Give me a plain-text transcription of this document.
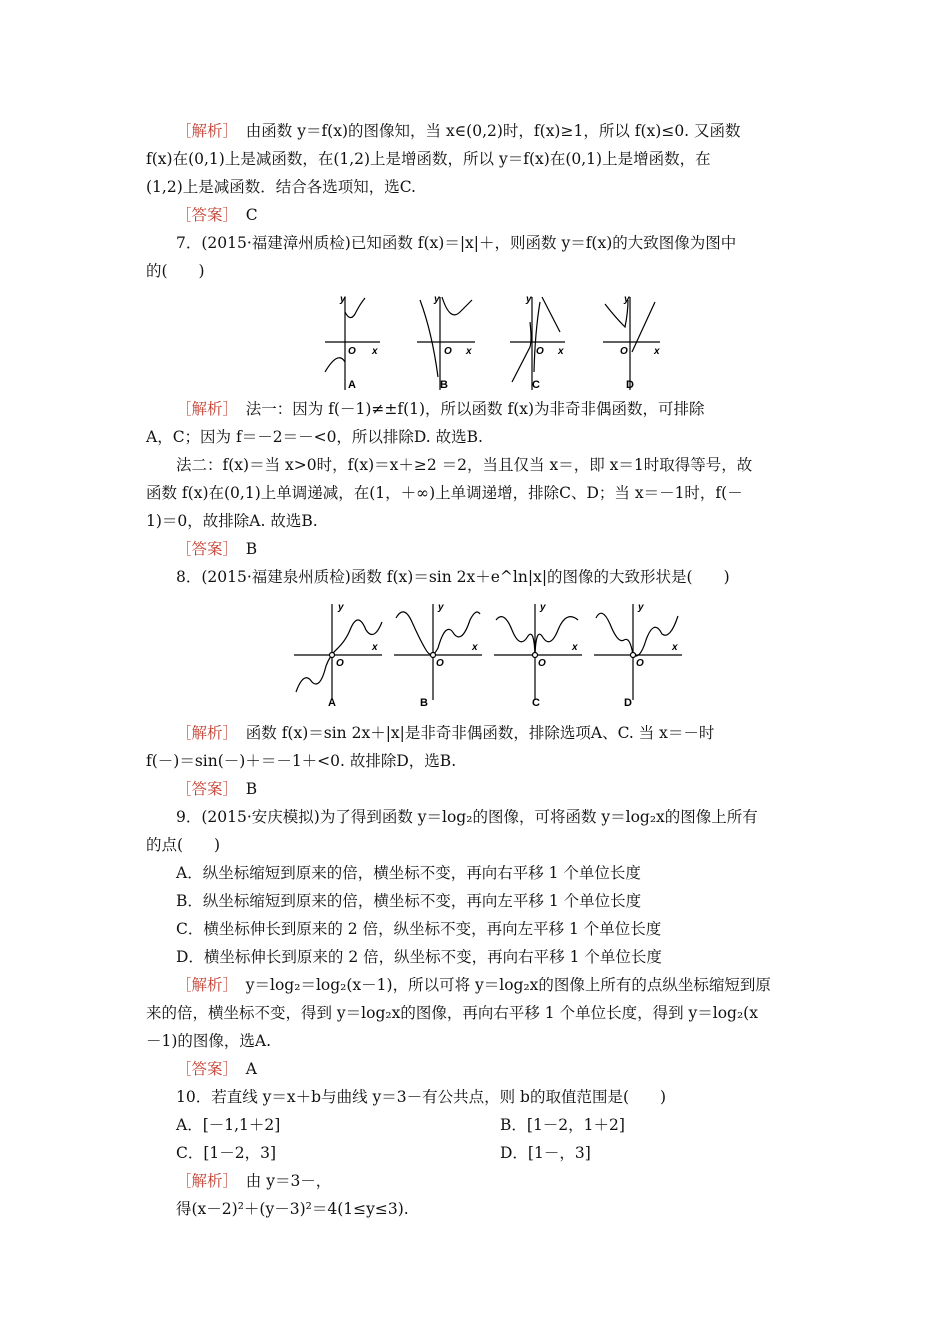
［解析］　由函数 y＝f(x)的图像知，当 x∈(0,2)时，f(x)≥1，所以 f(x)≤0. 又函数
f(x)在(0,1)上是减函数，在(1,2)上是增函数，所以 y＝f(x)在(0,1)上是增函数，在
(1,2)上是减函数．结合各选项知，选C.
［答案］　C
7．(2015·福建漳州质检)已知函数 f(x)＝|x|＋，则函数 y＝f(x)的大致图像为图中
的(　　)
y
x
O
y
x
O
y
x
O
y
x
O
A	B	C	D
［解析］　法一：因为 f(－1)≠±f(1)，所以函数 f(x)为非奇非偶函数，可排除
A，C；因为 f＝－2＝－<0，所以排除D. 故选B.
法二：f(x)＝当 x>0时，f(x)＝x＋≥2 ＝2，当且仅当 x＝，即 x＝1时取得等号，故
函数 f(x)在(0,1)上单调递减，在(1，＋∞)上单调递增，排除C、D；当 x＝－1时，f(－
1)＝0，故排除A. 故选B.
［答案］　B
8．(2015·福建泉州质检)函数 f(x)＝sin 2x＋e^ln|x|的图像的大致形状是(　　)
y
x
O
y
x
O
y
x
O
y
x
O
A	B	C	D
［解析］　函数 f(x)＝sin 2x＋|x|是非奇非偶函数，排除选项A、C. 当 x＝－时
f(－)＝sin(－)＋＝－1＋<0. 故排除D，选B.
［答案］　B
9．(2015·安庆模拟)为了得到函数 y＝log₂的图像，可将函数 y＝log₂x的图像上所有
的点(　　)
A．纵坐标缩短到原来的倍，横坐标不变，再向右平移 1 个单位长度
B．纵坐标缩短到原来的倍，横坐标不变，再向左平移 1 个单位长度
C．横坐标伸长到原来的 2 倍，纵坐标不变，再向左平移 1 个单位长度
D．横坐标伸长到原来的 2 倍，纵坐标不变，再向右平移 1 个单位长度
［解析］　y＝log₂＝log₂(x－1)，所以可将 y＝log₂x的图像上所有的点纵坐标缩短到原
来的倍，横坐标不变，得到 y＝log₂x的图像，再向右平移 1 个单位长度，得到 y＝log₂(x
－1)的图像，选A.
［答案］　A
10．若直线 y＝x＋b与曲线 y＝3－有公共点，则 b的取值范围是(　　)
A．[－1,1＋2]	B．[1－2，1＋2]
C．[1－2，3]	D．[1－，3]
［解析］　由 y＝3－，
得(x－2)²＋(y－3)²＝4(1≤y≤3).
